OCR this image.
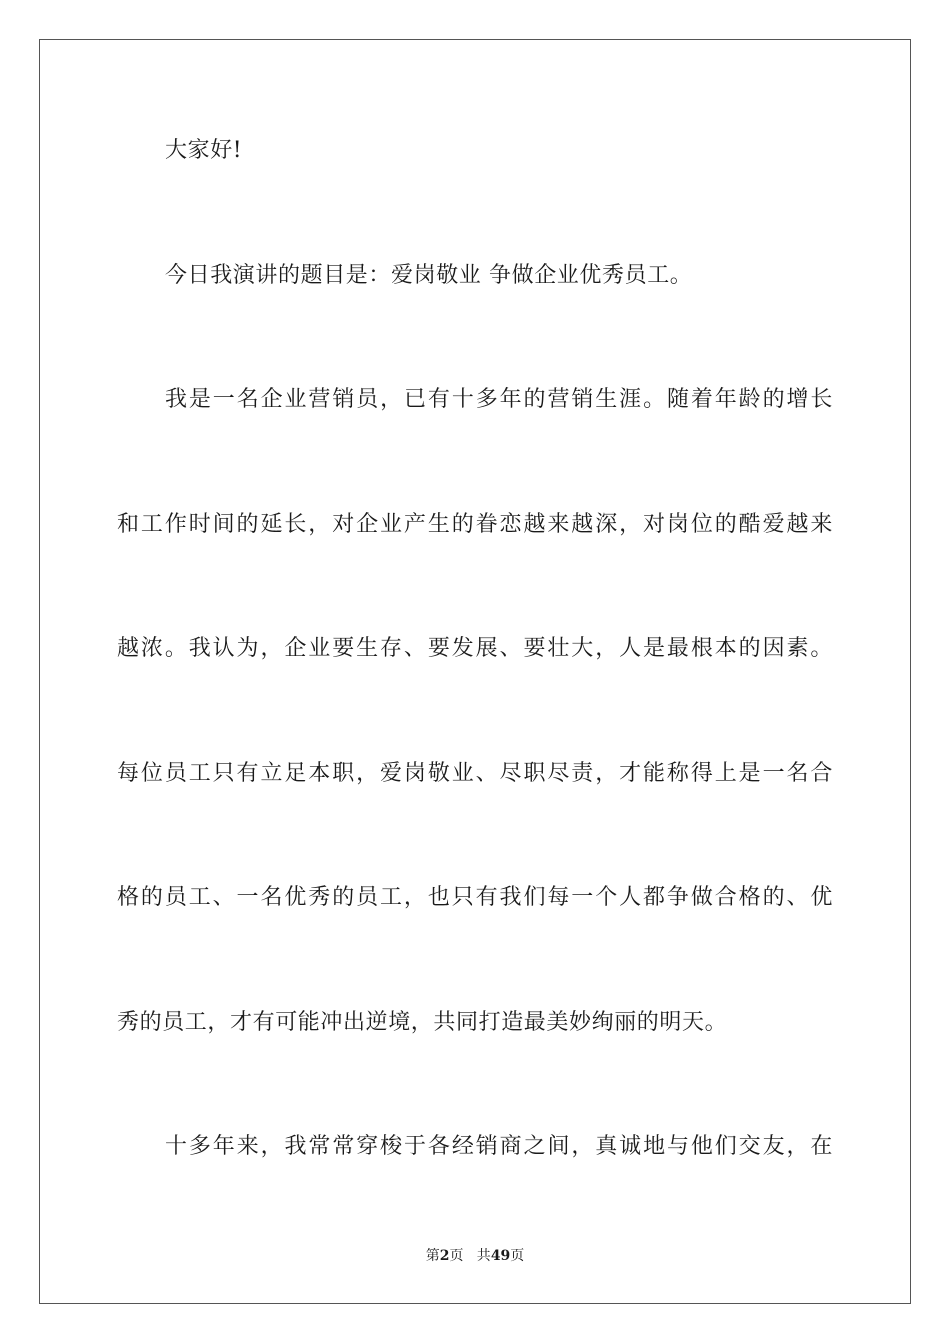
大家好!
今日我演讲的题目是：爱岗敬业 争做企业优秀员工。
我是一名企业营销员，已有十多年的营销生涯。随着年龄的增长
和工作时间的延长，对企业产生的眷恋越来越深，对岗位的酷爱越来
越浓。我认为，企业要生存、要发展、要壮大，人是最根本的因素。
每位员工只有立足本职，爱岗敬业、尽职尽责，才能称得上是一名合
格的员工、一名优秀的员工，也只有我们每一个人都争做合格的、优
秀的员工，才有可能冲出逆境，共同打造最美妙绚丽的明天。
十多年来，我常常穿梭于各经销商之间，真诚地与他们交友，在
第2页   共49页
